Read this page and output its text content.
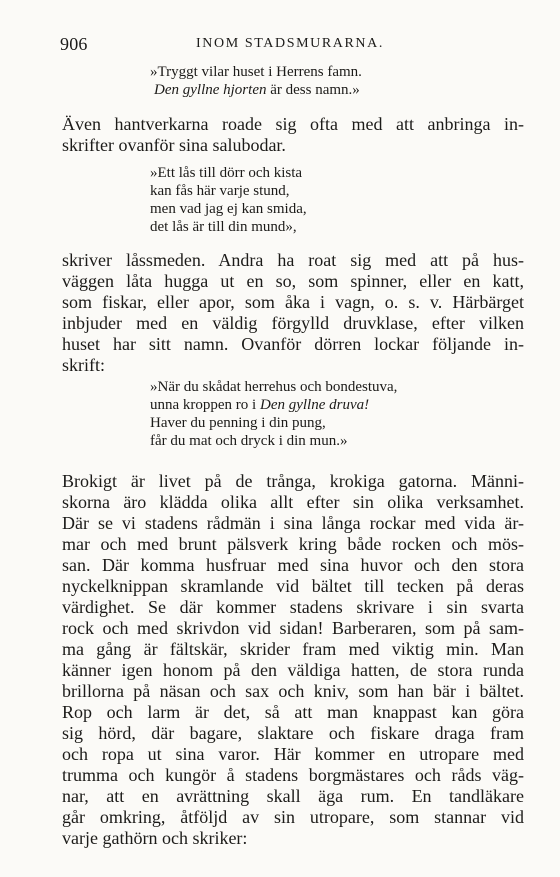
906	INOM STADSMURARNA.
»Tryggt vilar huset i Herrens famn.
Den gyllne hjorten är dess namn.»
Även hantverkarna roade sig ofta med att anbringa in-
skrifter ovanför sina salubodar.
»Ett lås till dörr och kista
kan fås här varje stund,
men vad jag ej kan smida,
det lås är till din mund»,
skriver låssmeden. Andra ha roat sig med att på hus-
väggen låta hugga ut en so, som spinner, eller en katt,
som fiskar, eller apor, som åka i vagn, o. s. v. Härbärget
inbjuder med en väldig förgylld druvklase, efter vilken
huset har sitt namn. Ovanför dörren lockar följande in-
skrift:
»När du skådat herrehus och bondestuva,
unna kroppen ro i Den gyllne druva!
Haver du penning i din pung,
får du mat och dryck i din mun.»
Brokigt är livet på de trånga, krokiga gatorna. Männi-
skorna äro klädda olika allt efter sin olika verksamhet.
Där se vi stadens rådmän i sina långa rockar med vida är-
mar och med brunt pälsverk kring både rocken och mös-
san. Där komma husfruar med sina huvor och den stora
nyckelknippan skramlande vid bältet till tecken på deras
värdighet. Se där kommer stadens skrivare i sin svarta
rock och med skrivdon vid sidan! Barberaren, som på sam-
ma gång är fältskär, skrider fram med viktig min. Man
känner igen honom på den väldiga hatten, de stora runda
brillorna på näsan och sax och kniv, som han bär i bältet.
Rop och larm är det, så att man knappast kan göra
sig hörd, där bagare, slaktare och fiskare draga fram
och ropa ut sina varor. Här kommer en utropare med
trumma och kungör å stadens borgmästares och råds väg-
nar, att en avrättning skall äga rum. En tandläkare
går omkring, åtföljd av sin utropare, som stannar vid
varje gathörn och skriker:
